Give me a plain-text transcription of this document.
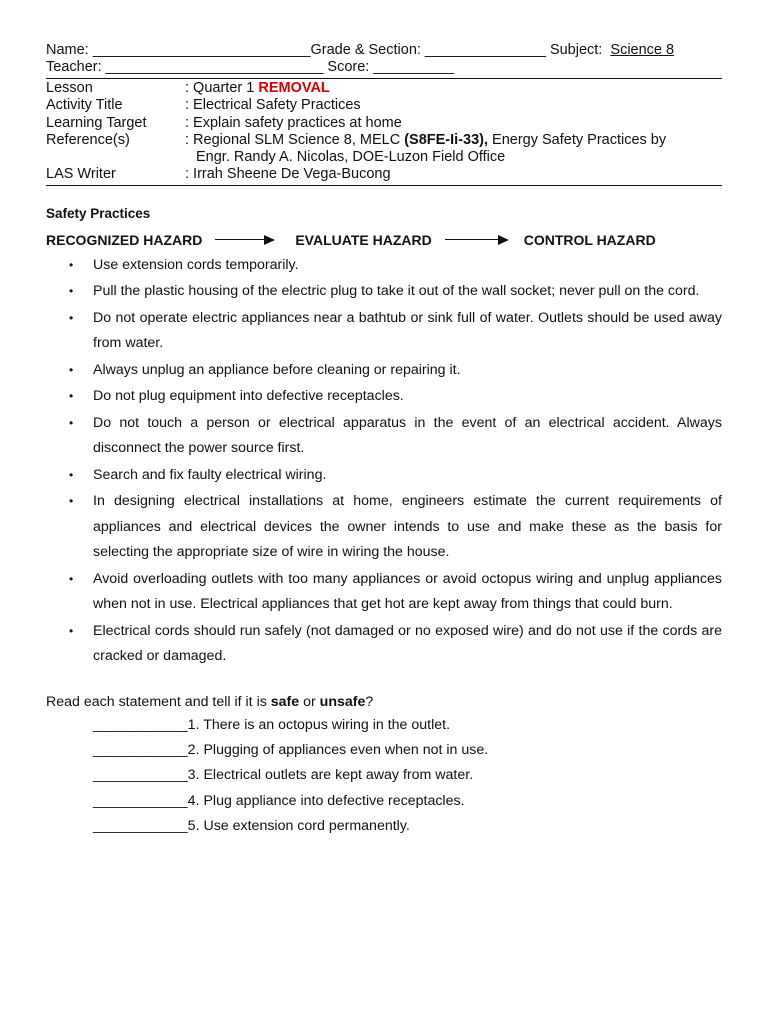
Name: ___________________________Grade & Section: _______________ Subject: Science 8
Teacher: ___________________________ Score: __________
Lesson	: Quarter 1 REMOVAL
Activity Title	: Electrical Safety Practices
Learning Target	: Explain safety practices at home
Reference(s)	: Regional SLM Science 8, MELC (S8FE-Ii-33), Energy Safety Practices by
Engr. Randy A. Nicolas, DOE-Luzon Field Office
LAS Writer	: Irrah Sheene De Vega-Bucong
Safety Practices
RECOGNIZED HAZARD	EVALUATE HAZARD	CONTROL HAZARD
• Use extension cords temporarily.
• Pull the plastic housing of the electric plug to take it out of the wall socket; never pull on the cord.
• Do not operate electric appliances near a bathtub or sink full of water. Outlets should be used away from water.
• Always unplug an appliance before cleaning or repairing it.
• Do not plug equipment into defective receptacles.
• Do not touch a person or electrical apparatus in the event of an electrical accident. Always disconnect the power source first.
• Search and fix faulty electrical wiring.
• In designing electrical installations at home, engineers estimate the current requirements of appliances and electrical devices the owner intends to use and make these as the basis for selecting the appropriate size of wire in wiring the house.
• Avoid overloading outlets with too many appliances or avoid octopus wiring and unplug appliances when not in use. Electrical appliances that get hot are kept away from things that could burn.
• Electrical cords should run safely (not damaged or no exposed wire) and do not use if the cords are cracked or damaged.
Read each statement and tell if it is safe or unsafe?
____________1. There is an octopus wiring in the outlet.
____________2. Plugging of appliances even when not in use.
____________3. Electrical outlets are kept away from water.
____________4. Plug appliance into defective receptacles.
____________5. Use extension cord permanently.
